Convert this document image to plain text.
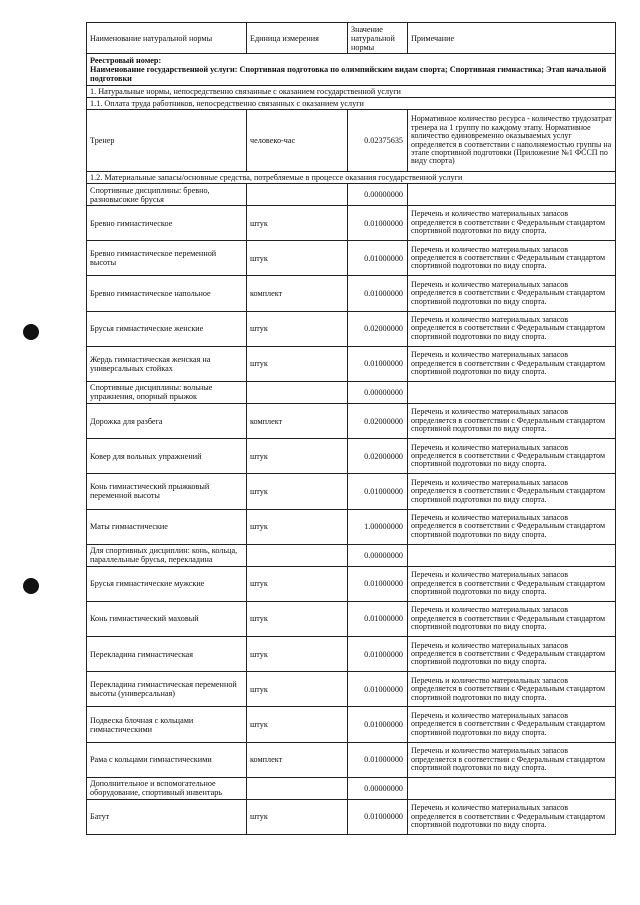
Наименование натуральной нормы	Единица измерения	Значение натуральной нормы	Примечание

Реестровый номер:
Наименование государственной услуги: Спортивная подготовка по олимпийским видам спорта; Спортивная гимнастика; Этап начальной подготовки			

1. Натуральные нормы, непосредственно связанные с оказанием государственной услуги			
1.1. Оплата труда работников, непосредственно связанных с оказанием услуги			
Тренер	человеко-час	0.02375635	Нормативное количество ресурса - количество трудозатрат тренера на 1 группу по каждому этапу. Нормативное количество единовременно оказываемых услуг определяется в соответствии с наполняемостью группы на этапе спортивной подготовки (Приложение №1 ФССП по виду спорта)
1.2. Материальные запасы/основные средства, потребляемые в процессе оказания государственной услуги			
Спортивные дисциплины: бревно, разновысокие брусья		0.00000000	
Бревно гимнастическое	штук	0.01000000	Перечень и количество материальных запасов определяется в соответствии с Федеральным стандартом спортивной подготовки по виду спорта.
Бревно гимнастическое переменной высоты	штук	0.01000000	Перечень и количество материальных запасов определяется в соответствии с Федеральным стандартом спортивной подготовки по виду спорта.
Бревно гимнастическое напольное	комплект	0.01000000	Перечень и количество материальных запасов определяется в соответствии с Федеральным стандартом спортивной подготовки по виду спорта.
Брусья гимнастические женские	штук	0.02000000	Перечень и количество материальных запасов определяется в соответствии с Федеральным стандартом спортивной подготовки по виду спорта.
Жердь гимнастическая женская на универсальных стойках	штук	0.01000000	Перечень и количество материальных запасов определяется в соответствии с Федеральным стандартом спортивной подготовки по виду спорта.
Спортивные дисциплины: вольные упражнения, опорный прыжок		0.00000000	
Дорожка для разбега	комплект	0.02000000	Перечень и количество материальных запасов определяется в соответствии с Федеральным стандартом спортивной подготовки по виду спорта.
Ковер для вольных упражнений	штук	0.02000000	Перечень и количество материальных запасов определяется в соответствии с Федеральным стандартом спортивной подготовки по виду спорта.
Конь гимнастический прыжковый переменной высоты	штук	0.01000000	Перечень и количество материальных запасов определяется в соответствии с Федеральным стандартом спортивной подготовки по виду спорта.
Маты гимнастические	штук	1.00000000	Перечень и количество материальных запасов определяется в соответствии с Федеральным стандартом спортивной подготовки по виду спорта.
Для спортивных дисциплин: конь, кольца, параллельные брусья, перекладина		0.00000000	
Брусья гимнастические мужские	штук	0.01000000	Перечень и количество материальных запасов определяется в соответствии с Федеральным стандартом спортивной подготовки по виду спорта.
Конь гимнастический маховый	штук	0.01000000	Перечень и количество материальных запасов определяется в соответствии с Федеральным стандартом спортивной подготовки по виду спорта.
Перекладина гимнастическая	штук	0.01000000	Перечень и количество материальных запасов определяется в соответствии с Федеральным стандартом спортивной подготовки по виду спорта.
Перекладина гимнастическая переменной высоты (универсальная)	штук	0.01000000	Перечень и количество материальных запасов определяется в соответствии с Федеральным стандартом спортивной подготовки по виду спорта.
Подвеска блочная с кольцами гимнастическими	штук	0.01000000	Перечень и количество материальных запасов определяется в соответствии с Федеральным стандартом спортивной подготовки по виду спорта.
Рама с кольцами гимнастическими	комплект	0.01000000	Перечень и количество материальных запасов определяется в соответствии с Федеральным стандартом спортивной подготовки по виду спорта.
Дополнительное и вспомогательное оборудование, спортивный инвентарь		0.00000000	
Батут	штук	0.01000000	Перечень и количество материальных запасов определяется в соответствии с Федеральным стандартом спортивной подготовки по виду спорта.
